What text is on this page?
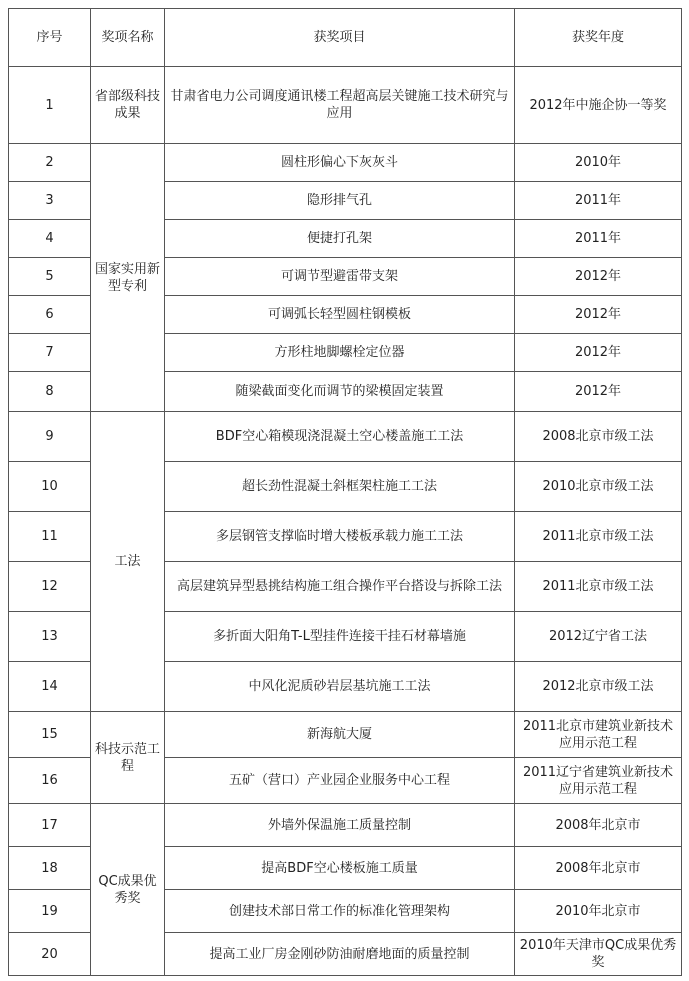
序号	奖项名称	获奖项目	获奖年度
1	省部级科技成果	甘肃省电力公司调度通讯楼工程超高层关键施工技术研究与应用	2012年中施企协一等奖
2	国家实用新型专利	圆柱形偏心下灰灰斗	2010年
3		隐形排气孔	2011年
4		便捷打孔架	2011年
5		可调节型避雷带支架	2012年
6		可调弧长轻型圆柱钢模板	2012年
7		方形柱地脚螺栓定位器	2012年
8		随梁截面变化而调节的梁模固定装置	2012年
9	工法	BDF空心箱模现浇混凝土空心楼盖施工工法	2008北京市级工法
10		超长劲性混凝土斜框架柱施工工法	2010北京市级工法
11		多层钢管支撑临时增大楼板承载力施工工法	2011北京市级工法
12		高层建筑异型悬挑结构施工组合操作平台搭设与拆除工法	2011北京市级工法
13		多折面大阳角T-L型挂件连接干挂石材幕墙施	2012辽宁省工法
14		中风化泥质砂岩层基坑施工工法	2012北京市级工法
15	科技示范工程	新海航大厦	2011北京市建筑业新技术应用示范工程
16		五矿（营口）产业园企业服务中心工程	2011辽宁省建筑业新技术应用示范工程
17	QC成果优秀奖	外墙外保温施工质量控制	2008年北京市
18		提高BDF空心楼板施工质量	2008年北京市
19		创建技术部日常工作的标准化管理架构	2010年北京市
20		提高工业厂房金刚砂防油耐磨地面的质量控制	2010年天津市QC成果优秀奖
